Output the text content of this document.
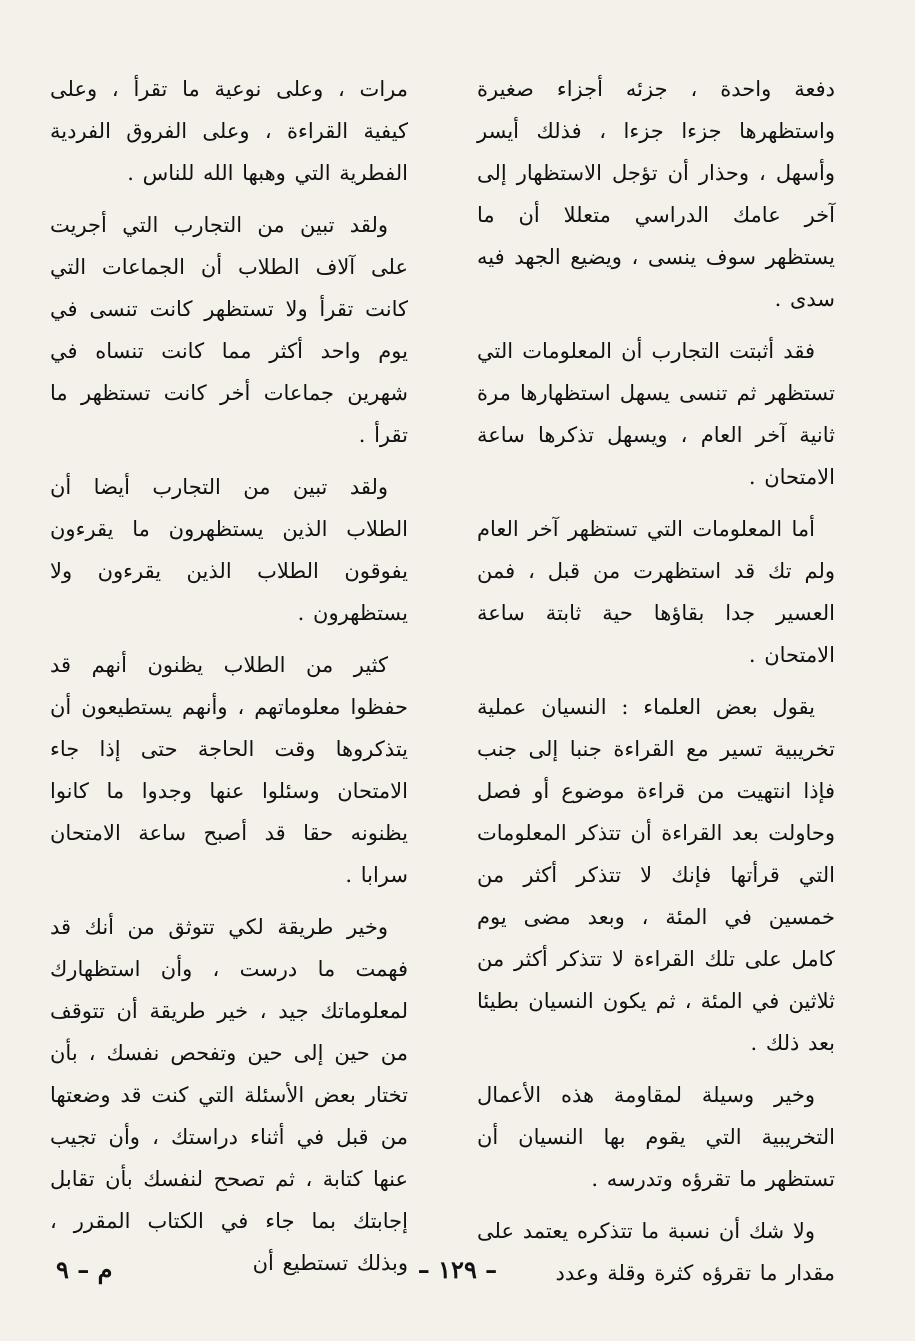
دفعة واحدة ، جزئه أجزاء صغيرة واستظهرها جزءا جزءا ، فذلك أيسر وأسهل ، وحذار أن تؤجل الاستظهار إلى آخر عامك الدراسي متعللا أن ما يستظهر سوف ينسى ، ويضيع الجهد فيه سدى .

فقد أثبتت التجارب أن المعلومات التي تستظهر ثم تنسى يسهل استظهارها مرة ثانية آخر العام ، ويسهل تذكرها ساعة الامتحان .

أما المعلومات التي تستظهر آخر العام ولم تك قد استظهرت من قبل ، فمن العسير جدا بقاؤها حية ثابتة ساعة الامتحان .

يقول بعض العلماء : النسيان عملية تخريبية تسير مع القراءة جنبا إلى جنب فإذا انتهيت من قراءة موضوع أو فصل وحاولت بعد القراءة أن تتذكر المعلومات التي قرأتها فإنك لا تتذكر أكثر من خمسين في المئة ، وبعد مضى يوم كامل على تلك القراءة لا تتذكر أكثر من ثلاثين في المئة ، ثم يكون النسيان بطيئا بعد ذلك .

وخير وسيلة لمقاومة هذه الأعمال التخريبية التي يقوم بها النسيان أن تستظهر ما تقرؤه وتدرسه .

ولا شك أن نسبة ما تتذكره يعتمد على مقدار ما تقرؤه كثرة وقلة وعدد

مرات ، وعلى نوعية ما تقرأ ، وعلى كيفية القراءة ، وعلى الفروق الفردية الفطرية التي وهبها الله للناس .

ولقد تبين من التجارب التي أجريت على آلاف الطلاب أن الجماعات التي كانت تقرأ ولا تستظهر كانت تنسى في يوم واحد أكثر مما كانت تنساه في شهرين جماعات أخر كانت تستظهر ما تقرأ .

ولقد تبين من التجارب أيضا أن الطلاب الذين يستظهرون ما يقرءون يفوقون الطلاب الذين يقرءون ولا يستظهرون .

كثير من الطلاب يظنون أنهم قد حفظوا معلوماتهم ، وأنهم يستطيعون أن يتذكروها وقت الحاجة حتى إذا جاء الامتحان وسئلوا عنها وجدوا ما كانوا يظنونه حقا قد أصبح ساعة الامتحان سرابا .

وخير طريقة لكي تتوثق من أنك قد فهمت ما درست ، وأن استظهارك لمعلوماتك جيد ، خير طريقة أن تتوقف من حين إلى حين وتفحص نفسك ، بأن تختار بعض الأسئلة التي كنت قد وضعتها من قبل في أثناء دراستك ، وأن تجيب عنها كتابة ، ثم تصحح لنفسك بأن تقابل إجابتك بما جاء في الكتاب المقرر ، وبذلك تستطيع أن – ١٢٩ –
م – ٩
